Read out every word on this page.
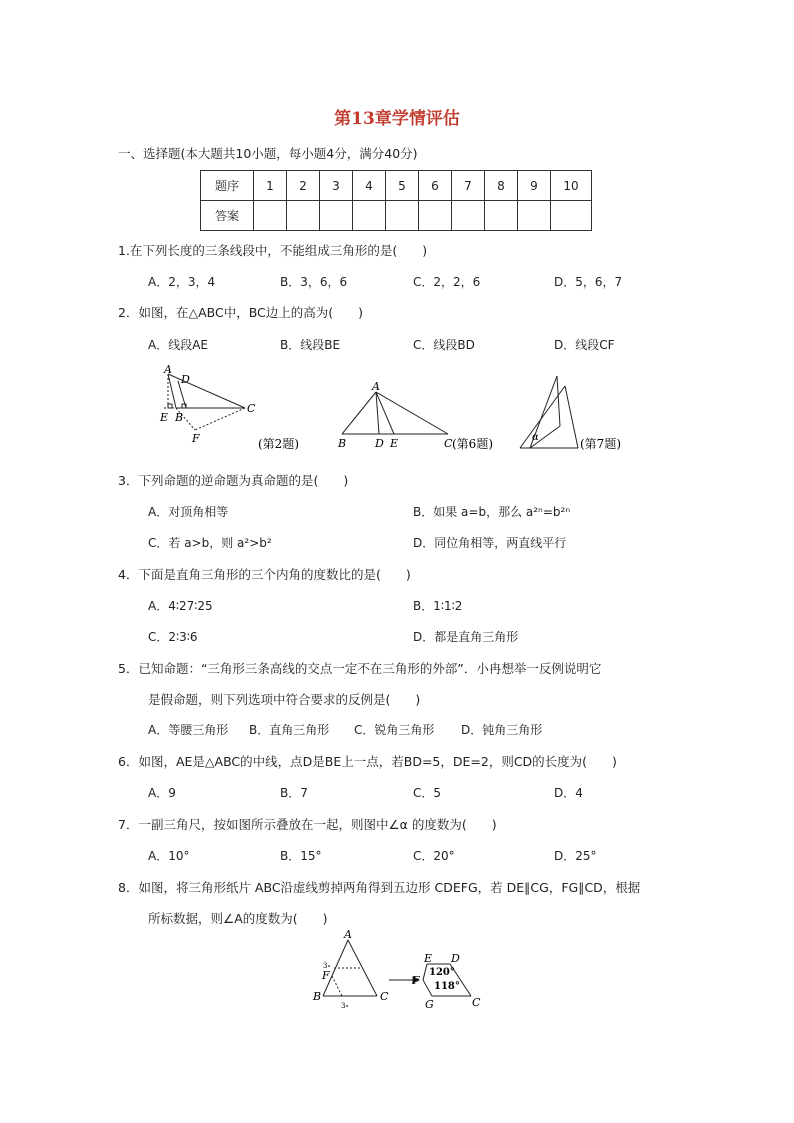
第13章学情评估
一、选择题(本大题共10小题，每小题4分，满分40分)
题序	1	2	3	4	5	6	7	8	9	10
答案										
1.在下列长度的三条线段中，不能组成三角形的是(　　)
A．2，3，4	B．3，6，6	C．2，2，6	D．5，6，7
2．如图，在△ABC中，BC边上的高为(　　)
A．线段AE	B．线段BE	C．线段BD	D．线段CF
A
D
E B
C
F	(第2题)
A
B	D E	C (第6题)	α	(第7题)
3．下列命题的逆命题为真命题的是(　　)
A．对顶角相等	B．如果 a=b，那么 a²ⁿ=b²ⁿ
C．若 a>b，则 a²>b²	D．同位角相等，两直线平行
4．下面是直角三角形的三个内角的度数比的是(　　)
A．4∶27∶25	B．1∶1∶2
C．2∶3∶6	D．都是直角三角形
5．已知命题：“三角形三条高线的交点一定不在三角形的外部”．小冉想举一反例说明它
是假命题，则下列选项中符合要求的反例是(　　)
A．等腰三角形 B．直角三角形 C．锐角三角形 D．钝角三角形
6．如图，AE是△ABC的中线，点D是BE上一点，若BD=5，DE=2，则CD的长度为(　　)
A．9	B．7	C．5	D．4
7．一副三角尺，按如图所示叠放在一起，则图中∠α 的度数为(　　)
A．10°	B．15°	C．20°	D．25°
8．如图，将三角形纸片 ABC沿虚线剪掉两角得到五边形 CDEFG，若 DE∥CG，FG∥CD，根据
所标数据，则∠A的度数为(　　)
A
F
B	C
3∘
3∘
E D
F
G	C
120°
118°
